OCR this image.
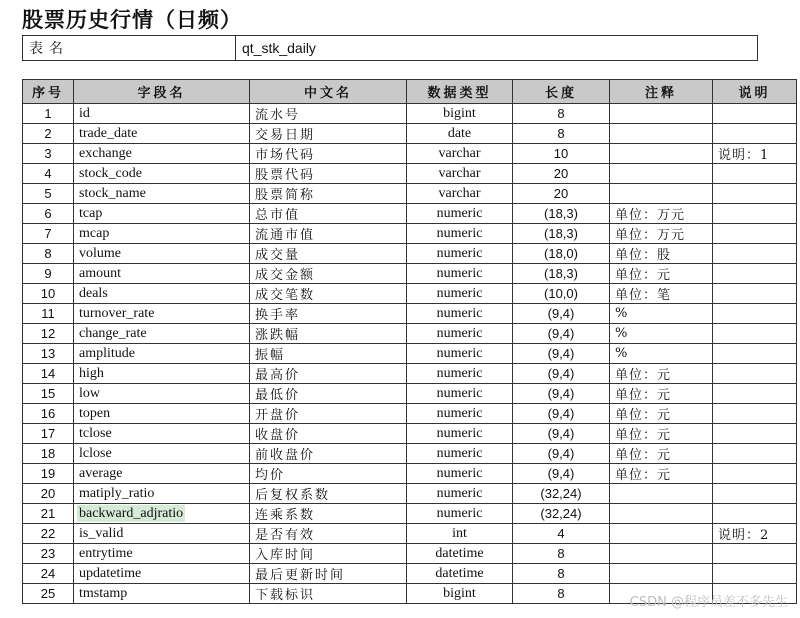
股票历史行情（日频）
表名	qt_stk_daily
序号	字段名	中文名	数据类型	长度	注释	说明
1	id	流水号	bigint	8		
2	trade_date	交易日期	date	8		
3	exchange	市场代码	varchar	10		说明：1
4	stock_code	股票代码	varchar	20		
5	stock_name	股票简称	varchar	20		
6	tcap	总市值	numeric	(18,3)	单位：万元	
7	mcap	流通市值	numeric	(18,3)	单位：万元	
8	volume	成交量	numeric	(18,0)	单位：股	
9	amount	成交金额	numeric	(18,3)	单位：元	
10	deals	成交笔数	numeric	(10,0)	单位：笔	
11	turnover_rate	换手率	numeric	(9,4)	%	
12	change_rate	涨跌幅	numeric	(9,4)	%	
13	amplitude	振幅	numeric	(9,4)	%	
14	high	最高价	numeric	(9,4)	单位：元	
15	low	最低价	numeric	(9,4)	单位：元	
16	topen	开盘价	numeric	(9,4)	单位：元	
17	tclose	收盘价	numeric	(9,4)	单位：元	
18	lclose	前收盘价	numeric	(9,4)	单位：元	
19	average	均价	numeric	(9,4)	单位：元	
20	matiply_ratio	后复权系数	numeric	(32,24)		
21	backward_adjratio	连乘系数	numeric	(32,24)		
22	is_valid	是否有效	int	4		说明：2
23	entrytime	入库时间	datetime	8		
24	updatetime	最后更新时间	datetime	8		
25	tmstamp	下载标识	bigint	8		
CSDN @程序员差不多先生
